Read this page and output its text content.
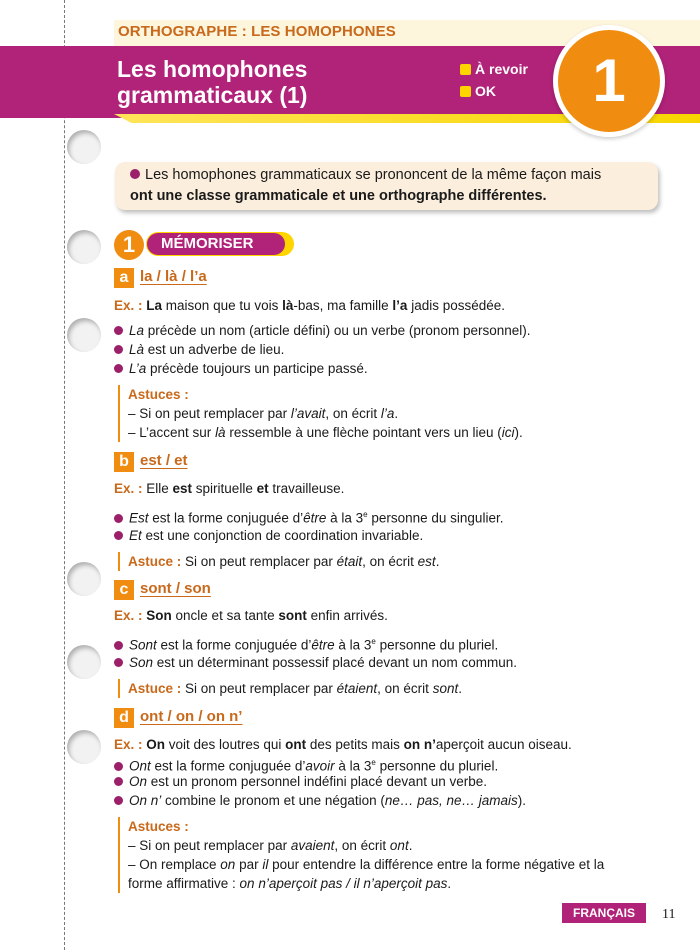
ORTHOGRAPHE : LES HOMOPHONES
Les homophones
grammaticaux (1)
À revoir
OK	1
Les homophones grammaticaux se prononcent de la même façon mais
ont une classe grammaticale et une orthographe différentes.
1	MÉMORISER
a la / là / l’a
Ex. : La maison que tu vois là-bas, ma famille l’a jadis possédée.
La précède un nom (article défini) ou un verbe (pronom personnel).
Là est un adverbe de lieu.
L’a précède toujours un participe passé.
Astuces :
– Si on peut remplacer par l’avait, on écrit l’a.
– L’accent sur là ressemble à une flèche pointant vers un lieu (ici).
b est / et
Ex. : Elle est spirituelle et travailleuse.
Est est la forme conjuguée d’être à la 3e personne du singulier.
Et est une conjonction de coordination invariable.
Astuce : Si on peut remplacer par était, on écrit est.
c sont / son
Ex. : Son oncle et sa tante sont enfin arrivés.
Sont est la forme conjuguée d’être à la 3e personne du pluriel.
Son est un déterminant possessif placé devant un nom commun.
Astuce : Si on peut remplacer par étaient, on écrit sont.
d ont / on / on n’
Ex. : On voit des loutres qui ont des petits mais on n’aperçoit aucun oiseau.
Ont est la forme conjuguée d’avoir à la 3e personne du pluriel.
On est un pronom personnel indéfini placé devant un verbe.
On n’ combine le pronom et une négation (ne… pas, ne… jamais).
Astuces :
– Si on peut remplacer par avaient, on écrit ont.
– On remplace on par il pour entendre la différence entre la forme négative et la
forme affirmative : on n’aperçoit pas / il n’aperçoit pas.
FRANÇAIS	11
